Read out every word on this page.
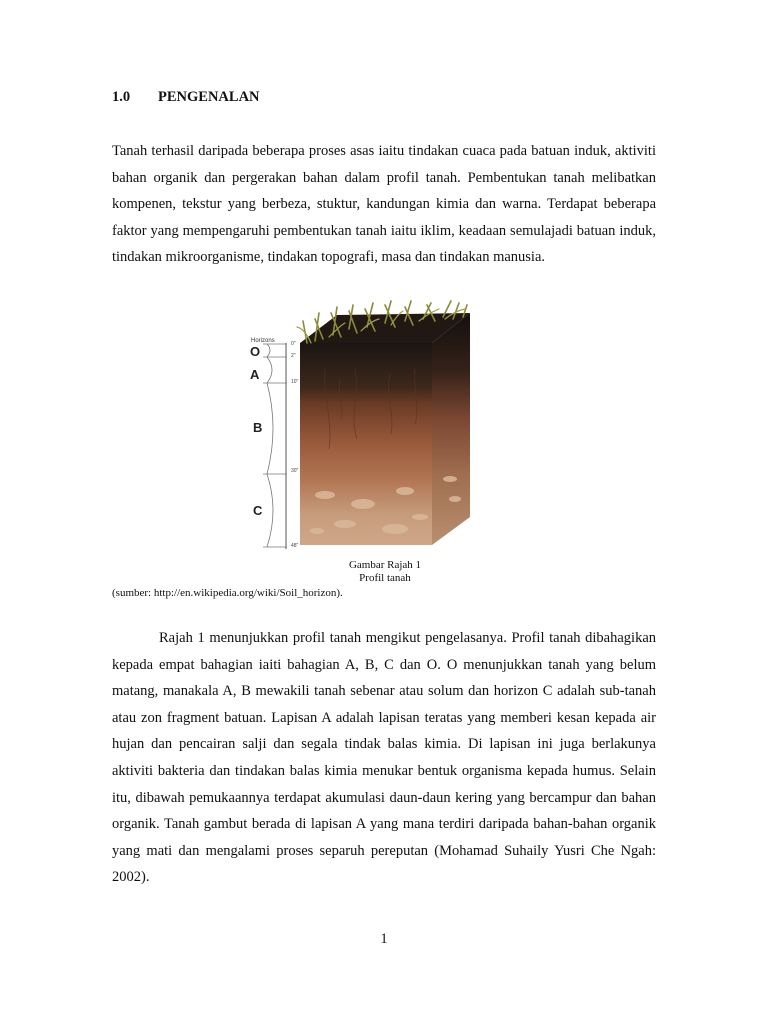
1.0 PENGENALAN

Tanah terhasil daripada beberapa proses asas iaitu tindakan cuaca pada batuan induk, aktiviti bahan organik dan pergerakan bahan dalam profil tanah. Pembentukan tanah melibatkan kompenen, tekstur yang berbeza, stuktur, kandungan kimia dan warna. Terdapat beberapa faktor yang mempengaruhi pembentukan tanah iaitu iklim, keadaan semulajadi batuan induk, tindakan mikroorganisme, tindakan topografi, masa dan tindakan manusia.

Horizons
O
A
B
C
0"
2"
10"
30"
48"
Gambar Rajah 1
Profil tanah
(sumber: http://en.wikipedia.org/wiki/Soil_horizon).

Rajah 1 menunjukkan profil tanah mengikut pengelasanya. Profil tanah dibahagikan kepada empat bahagian iaiti bahagian A, B, C dan O. O menunjukkan tanah yang belum matang, manakala A, B mewakili tanah sebenar atau solum dan horizon C adalah sub-tanah atau zon fragment batuan. Lapisan A adalah lapisan teratas yang memberi kesan kepada air hujan dan pencairan salji dan segala tindak balas kimia. Di lapisan ini juga berlakunya aktiviti bakteria dan tindakan balas kimia menukar bentuk organisma kepada humus. Selain itu, dibawah pemukaannya terdapat akumulasi daun-daun kering yang bercampur dan bahan organik. Tanah gambut berada di lapisan A yang mana terdiri daripada bahan-bahan organik yang mati dan mengalami proses separuh pereputan (Mohamad Suhaily Yusri Che Ngah: 2002).

1
